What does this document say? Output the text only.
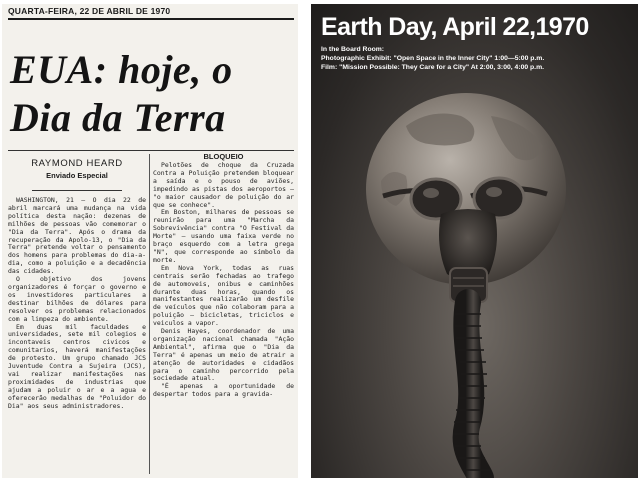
QUARTA-FEIRA, 22 DE ABRIL DE 1970
EUA: hoje, o
Dia da Terra
RAYMOND HEARD
Enviado Especial

WASHINGTON, 21 — O dia 22 de abril marcará uma mudança na vida política desta nação: dezenas de milhões de pessoas vão comemorar o "Dia da Terra". Após o drama da recuperação da Apolo-13, o "Dia da Terra" pretende voltar o pensamento dos homens para problemas do dia-a-dia, como a poluição e a decadência das cidades.

O objetivo dos jovens organizadores é forçar o governo e os investidores particulares a destinar bilhões de dólares para resolver os problemas relacionados com a limpeza do ambiente.

Em duas mil faculdades e universidades, sete mil colegios e incontaveis centros civicos e comunitarios, haverá manifestações de protesto. Um grupo chamado JCS Juventude Contra a Sujeira (JCS), vai realizar manifestações nas proximidades de industrias que ajudam a poluir o ar e a agua e oferecerão medalhas de "Poluidor do Dia" aos seus administradores.

BLOQUEIO

Pelotões de choque da Cruzada Contra a Poluição pretendem bloquear a saída e o pouso de aviões, impedindo as pistas dos aeroportos — "o maior causador de poluição do ar que se conhece".

Em Boston, milhares de pessoas se reunirão para uma "Marcha da Sobrevivência" contra "O Festival da Morte" — usando uma faixa verde no braço esquerdo com a letra grega "N", que corresponde ao símbolo da morte.

Em Nova York, todas as ruas centrais serão fechadas ao trafego de automoveis, onibus e caminhões durante duas horas, quando os manifestantes realizarão um desfile de veículos que não colaboram para a poluição — bicicletas, triciclos e veiculos a vapor.

Denis Hayes, coordenador de uma organização nacional chamada "Ação Ambiental", afirma que o "Dia da Terra" é apenas um meio de atrair a atenção de autoridades e cidadãos para o caminho percorrido pela sociedade atual.

"É apenas a oportunidade de despertar todos para a gravida-

Earth Day, April 22,1970
In the Board Room:
Photographic Exhibit: "Open Space in the Inner City" 1:00—5:00 p.m.
Film: "Mission Possible: They Care for a City" At 2:00, 3:00, 4:00 p.m.
